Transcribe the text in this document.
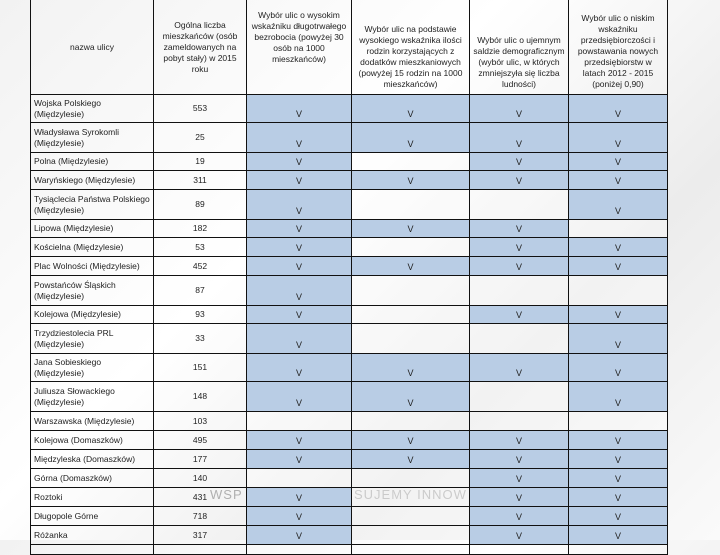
WSP	SUJEMY INNOW
nazwa ulicy	Ogólna liczba mieszkańców (osób zameldowanych na pobyt stały) w 2015 roku	Wybór ulic o wysokim wskaźniku długotrwałego bezrobocia (powyżej 30 osób na 1000 mieszkańców)	Wybór ulic na podstawie wysokiego wskaźnika ilości rodzin korzystających z dodatków mieszkaniowych (powyżej 15 rodzin na 1000 mieszkańców)	Wybór ulic o ujemnym saldzie demograficznym (wybór ulic, w których zmniejszyła się liczba ludności)	Wybór ulic o niskim wskaźniku przedsiębiorczości i powstawania nowych przedsiębiorstw w latach 2012 - 2015 (poniżej 0,90)
Wojska Polskiego (Międzylesie)	553	V	V	V	V
Władysława Syrokomli (Międzylesie)	25	V	V	V	V
Polna (Międzylesie)	19	V		V	V
Waryńskiego (Międzylesie)	311	V	V	V	V
Tysiąclecia Państwa Polskiego (Międzylesie)	89	V			V
Lipowa (Międzylesie)	182	V	V	V	
Kościelna (Międzylesie)	53	V		V	V
Plac Wolności (Międzylesie)	452	V	V	V	V
Powstańców Śląskich (Międzylesie)	87	V			
Kolejowa (Międzylesie)	93	V		V	V
Trzydziestolecia PRL (Międzylesie)	33	V			V
Jana Sobieskiego (Międzylesie)	151	V	V	V	V
Juliusza Słowackiego (Międzylesie)	148	V	V		V
Warszawska (Międzylesie)	103				
Kolejowa (Domaszków)	495	V	V	V	V
Międzyleska (Domaszków)	177	V	V	V	V
Górna (Domaszków)	140			V	V
Roztoki	431	V		V	V
Długopole Górne	718	V		V	V
Różanka	317	V		V	V
